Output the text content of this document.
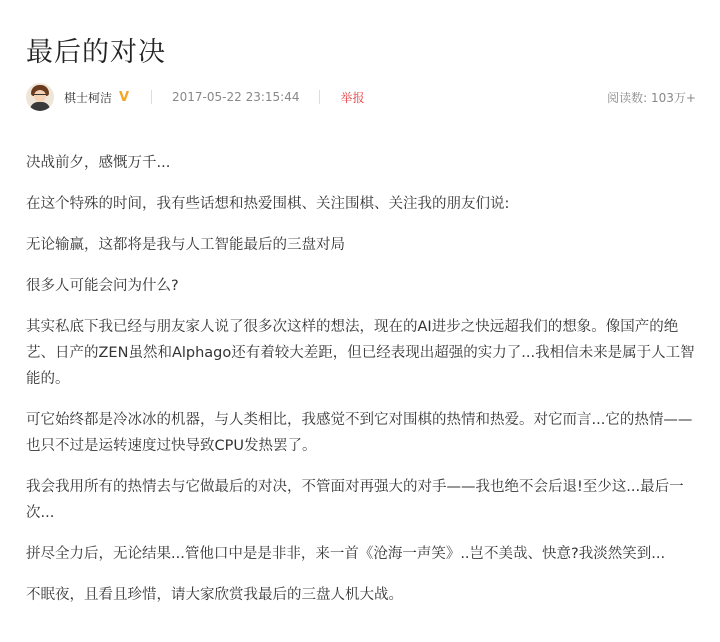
最后的对决
棋士柯洁 V	2017-05-22 23:15:44	举报	阅读数: 103万+

决战前夕，感慨万千...

在这个特殊的时间，我有些话想和热爱围棋、关注围棋、关注我的朋友们说:

无论输赢，这都将是我与人工智能最后的三盘对局

很多人可能会问为什么?

其实私底下我已经与朋友家人说了很多次这样的想法，现在的AI进步之快远超我们的想象。像国产的绝艺、日产的ZEN虽然和Alphago还有着较大差距，但已经表现出超强的实力了...我相信未来是属于人工智能的。

可它始终都是冷冰冰的机器，与人类相比，我感觉不到它对围棋的热情和热爱。对它而言...它的热情——也只不过是运转速度过快导致CPU发热罢了。

我会我用所有的热情去与它做最后的对决，不管面对再强大的对手——我也绝不会后退!至少这...最后一次...

拼尽全力后，无论结果...管他口中是是非非，来一首《沧海一声笑》..岂不美哉、快意?我淡然笑到...

不眠夜，且看且珍惜，请大家欣赏我最后的三盘人机大战。
